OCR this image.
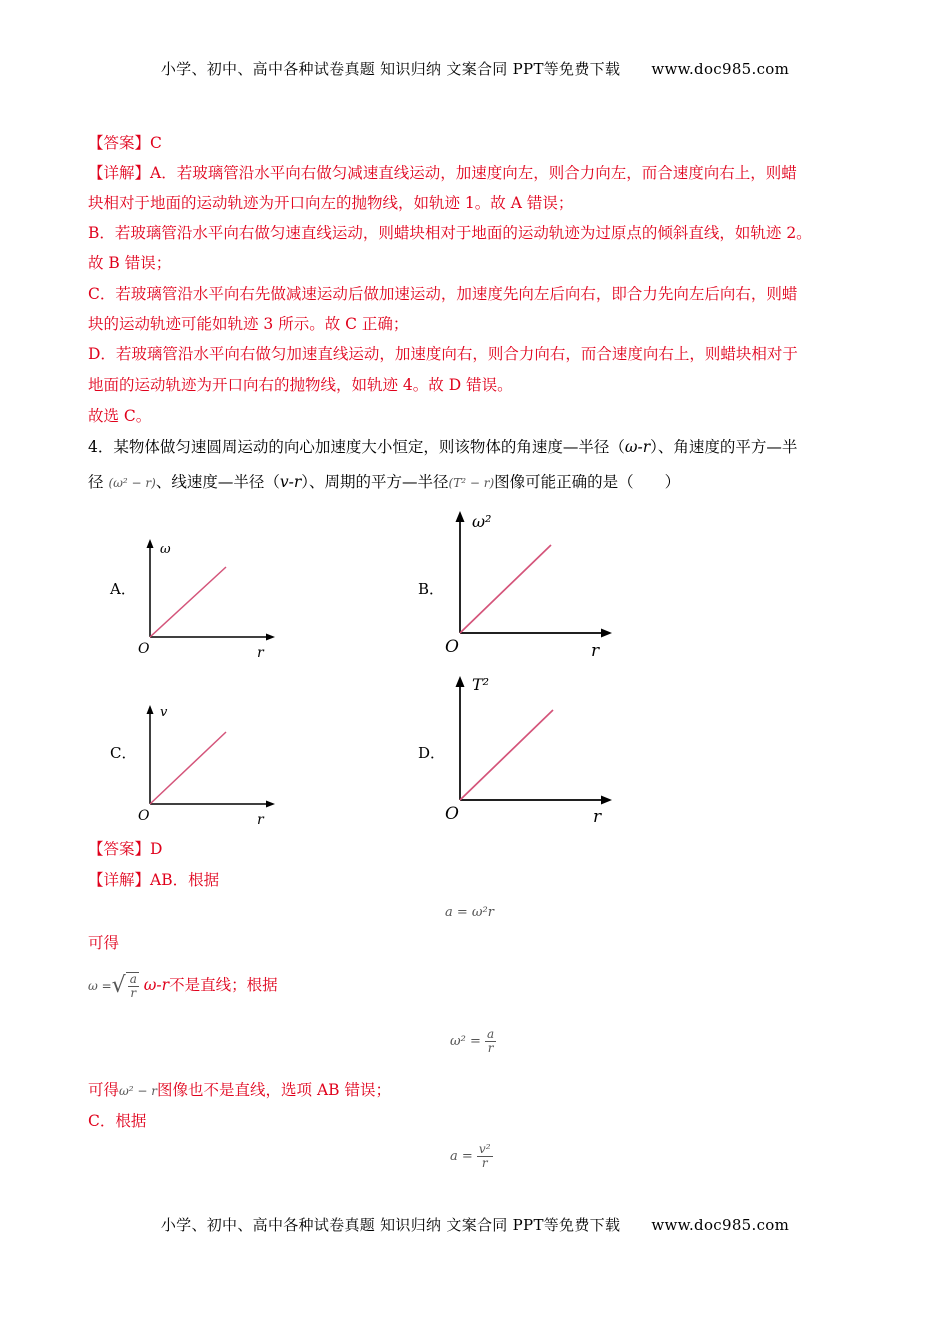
小学、初中、高中各种试卷真题 知识归纳 文案合同 PPT等免费下载 www.doc985.com
【答案】C
【详解】A．若玻璃管沿水平向右做匀减速直线运动，加速度向左，则合力向左，而合速度向右上，则蜡
块相对于地面的运动轨迹为开口向左的抛物线，如轨迹 1。故 A 错误；
B．若玻璃管沿水平向右做匀速直线运动，则蜡块相对于地面的运动轨迹为过原点的倾斜直线，如轨迹 2。
故 B 错误；
C．若玻璃管沿水平向右先做减速运动后做加速运动，加速度先向左后向右，即合力先向左后向右，则蜡
块的运动轨迹可能如轨迹 3 所示。故 C 正确；
D．若玻璃管沿水平向右做匀加速直线运动，加速度向右，则合力向右，而合速度向右上，则蜡块相对于
地面的运动轨迹为开口向右的抛物线，如轨迹 4。故 D 错误。
故选 C。
4．某物体做匀速圆周运动的向心加速度大小恒定，则该物体的角速度—半径（ω-r）、角速度的平方—半
径 (ω² − r)、线速度—半径（v-r）、周期的平方—半径(T² − r)图像可能正确的是（　　）
A．
ω
O	r
B．
ω²
O	r
C．
v
O	r
D．
T²
O	r
【答案】D
【详解】AB．根据
a = ω²r
可得
ω =√ $\frac{a}{r} \omega-r$不是直线；根据
$\omega^2 = \frac{a}{r}$
可得ω² − r图像也不是直线，选项 AB 错误；
C．根据
$a = \frac{\text{v²}}{r}$
小学、初中、高中各种试卷真题 知识归纳 文案合同 PPT等免费下载 www.doc985.com
